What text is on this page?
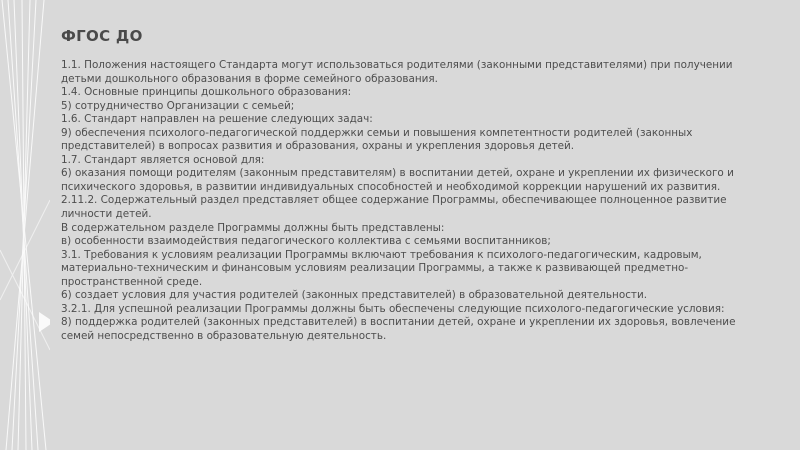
ФГОС ДО

1.1. Положения настоящего Стандарта могут использоваться родителями (законными представителями) при получении детьми дошкольного образования в форме семейного образования.

1.4. Основные принципы дошкольного образования:

5) сотрудничество Организации с семьей;

1.6. Стандарт направлен на решение следующих задач:

9) обеспечения психолого-педагогической поддержки семьи и повышения компетентности родителей (законных представителей) в вопросах развития и образования, охраны и укрепления здоровья детей.

1.7. Стандарт является основой для:

6) оказания помощи родителям (законным представителям) в воспитании детей, охране и укреплении их физического и психического здоровья, в развитии индивидуальных способностей и необходимой коррекции нарушений их развития.

2.11.2. Содержательный раздел представляет общее содержание Программы, обеспечивающее полноценное развитие личности детей.

В содержательном разделе Программы должны быть представлены:

в) особенности взаимодействия педагогического коллектива с семьями воспитанников;

3.1. Требования к условиям реализации Программы включают требования к психолого-педагогическим, кадровым, материально-техническим и финансовым условиям реализации Программы, а также к развивающей предметно-пространственной среде.

6) создает условия для участия родителей (законных представителей) в образовательной деятельности.

3.2.1. Для успешной реализации Программы должны быть обеспечены следующие психолого-педагогические условия:

8) поддержка родителей (законных представителей) в воспитании детей, охране и укреплении их здоровья, вовлечение семей непосредственно в образовательную деятельность.
